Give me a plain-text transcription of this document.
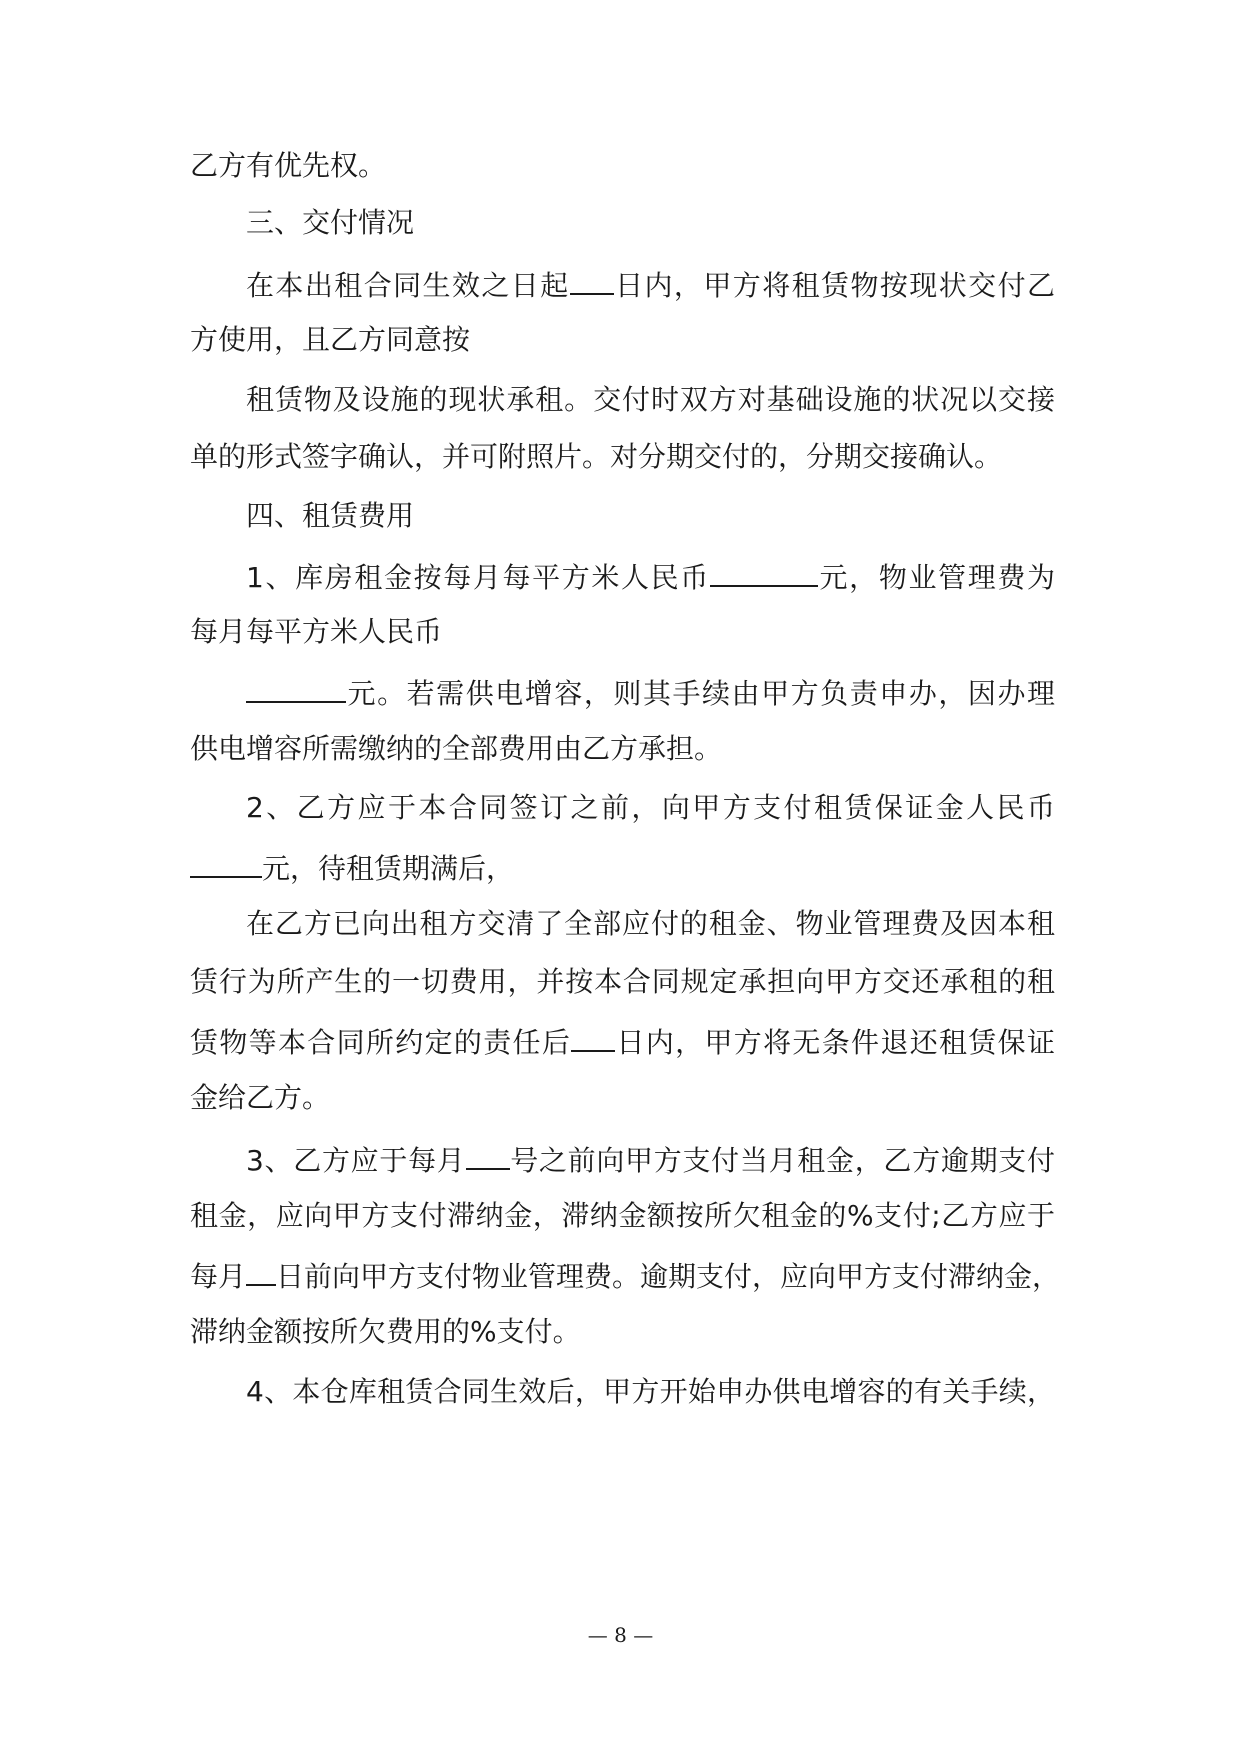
乙方有优先权。
三、交付情况
在本出租合同生效之日起 日内，甲方将租赁物按现状交付乙
方使用，且乙方同意按
租赁物及设施的现状承租。交付时双方对基础设施的状况以交接
单的形式签字确认，并可附照片。对分期交付的，分期交接确认。
四、租赁费用
1、库房租金按每月每平方米人民币	元，物业管理费为
每月每平方米人民币
元。若需供电增容，则其手续由甲方负责申办，因办理
供电增容所需缴纳的全部费用由乙方承担。
2、乙方应于本合同签订之前，向甲方支付租赁保证金人民币
元，待租赁期满后，
在乙方已向出租方交清了全部应付的租金、物业管理费及因本租
赁行为所产生的一切费用，并按本合同规定承担向甲方交还承租的租
赁物等本合同所约定的责任后 日内，甲方将无条件退还租赁保证
金给乙方。
3、乙方应于每月 号之前向甲方支付当月租金，乙方逾期支付
租金，应向甲方支付滞纳金，滞纳金额按所欠租金的%支付;乙方应于
每月 日前向甲方支付物业管理费。逾期支付，应向甲方支付滞纳金，
滞纳金额按所欠费用的%支付。
4、本仓库租赁合同生效后，甲方开始申办供电增容的有关手续，
— 8 —
